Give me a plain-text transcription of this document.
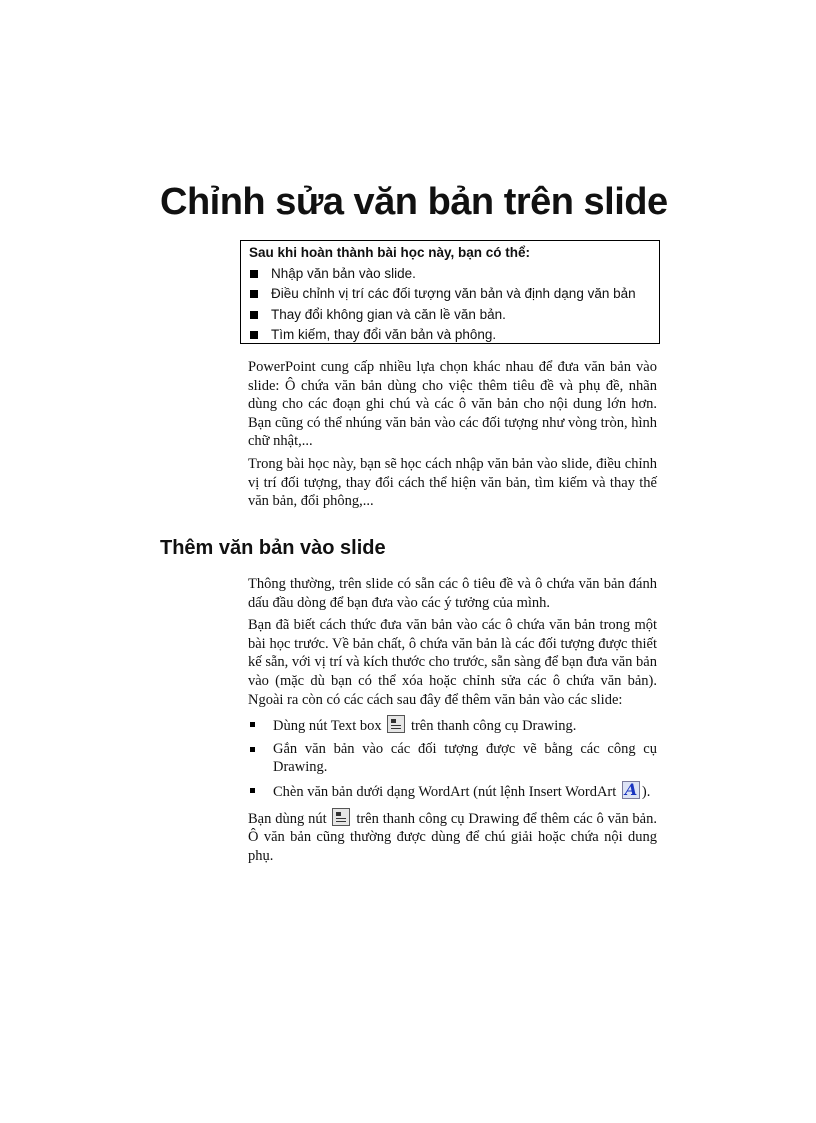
Chỉnh sửa văn bản trên slide
Sau khi hoàn thành bài học này, bạn có thể:
Nhập văn bản vào slide.
Điều chỉnh vị trí các đối tượng văn bản và định dạng văn bản
Thay đổi không gian và căn lề văn bản.
Tìm kiếm, thay đổi văn bản và phông.

PowerPoint cung cấp nhiều lựa chọn khác nhau để đưa văn bản vào slide: Ô chứa văn bản dùng cho việc thêm tiêu đề và phụ đề, nhãn dùng cho các đoạn ghi chú và các ô văn bản cho nội dung lớn hơn. Bạn cũng có thể nhúng văn bản vào các đối tượng như vòng tròn, hình chữ nhật,...

Trong bài học này, bạn sẽ học cách nhập văn bản vào slide, điều chỉnh vị trí đối tượng, thay đổi cách thể hiện văn bản, tìm kiếm và thay thế văn bản, đổi phông,...

Thêm văn bản vào slide

Thông thường, trên slide có sẵn các ô tiêu đề và ô chứa văn bản đánh dấu đầu dòng để bạn đưa vào các ý tưởng của mình.

Bạn đã biết cách thức đưa văn bản vào các ô chứa văn bản trong một bài học trước. Về bản chất, ô chứa văn bản là các đối tượng được thiết kế sẵn, với vị trí và kích thước cho trước, sẵn sàng để bạn đưa văn bản vào (mặc dù bạn có thể xóa hoặc chỉnh sửa các ô chứa văn bản). Ngoài ra còn có các cách sau đây để thêm văn bản vào các slide:

Dùng nút Text box trên thanh công cụ Drawing.
Gắn văn bản vào các đối tượng được vẽ bằng các công cụ Drawing.
Chèn văn bản dưới dạng WordArt (nút lệnh Insert WordArt A ).

Bạn dùng nút trên thanh công cụ Drawing để thêm các ô văn bản. Ô văn bản cũng thường được dùng để chú giải hoặc chứa nội dung phụ.
